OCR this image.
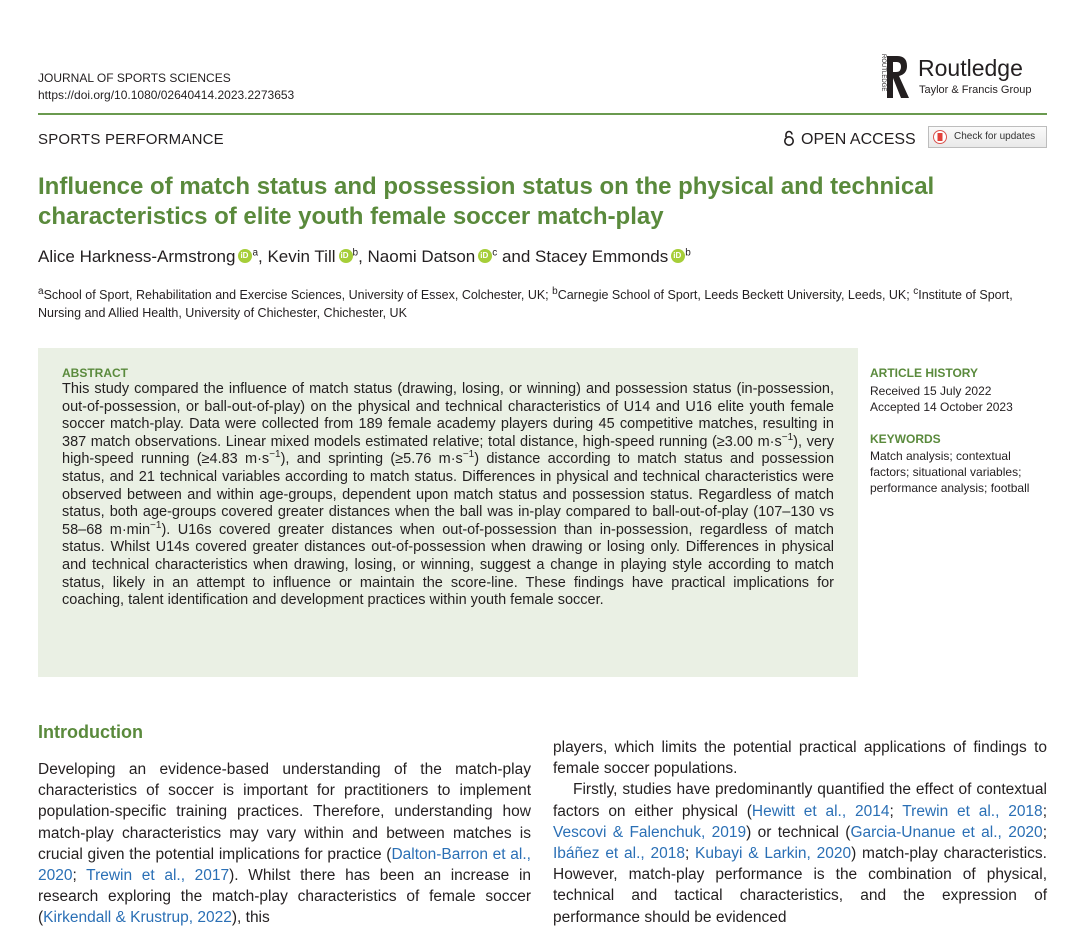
JOURNAL OF SPORTS SCIENCES
https://doi.org/10.1080/02640414.2023.2273653
ROUTLEDGE Routledge
Taylor & Francis Group
SPORTS PERFORMANCE	OPEN ACCESS	Check for updates
Influence of match status and possession status on the physical and technical characteristics of elite youth female soccer match-play
Alice Harkness-Armstrong iD $^a$, Kevin Till iD $^b$, Naomi Datson iD $^c$ and Stacey Emmonds iD $^b$
$^a$School of Sport, Rehabilitation and Exercise Sciences, University of Essex, Colchester, UK; $^b$Carnegie School of Sport, Leeds Beckett University, Leeds, UK; $^c$Institute of Sport, Nursing and Allied Health, University of Chichester, Chichester, UK
ABSTRACT
This study compared the influence of match status (drawing, losing, or winning) and possession status (in-possession, out-of-possession, or ball-out-of-play) on the physical and technical characteristics of U14 and U16 elite youth female soccer match-play. Data were collected from 189 female academy players during 45 competitive matches, resulting in 387 match observations. Linear mixed models estimated relative; total distance, high-speed running (≥3.00 $m\cdot s^{-1}$), very high-speed running (≥4.83 $m\cdot s^{-1}$), and sprinting (≥5.76 $m\cdot s^{-1}$) distance according to match status and possession status, and 21 technical variables according to match status. Differences in physical and technical characteristics were observed between and within age-groups, dependent upon match status and possession status. Regardless of match status, both age-groups covered greater distances when the ball was in-play compared to ball-out-of-play (107–130 vs 58–68 $m\cdot\min^{-1}$). U16s covered greater distances when out-of-possession than in-possession, regardless of match status. Whilst U14s covered greater distances out-of-possession when drawing or losing only. Differences in physical and technical characteristics when drawing, losing, or winning, suggest a change in playing style according to match status, likely in an attempt to influence or maintain the score-line. These findings have practical implications for coaching, talent identification and development practices within youth female soccer.
ARTICLE HISTORY
Received 15 July 2022
Accepted 14 October 2023
KEYWORDS
Match analysis; contextual factors; situational variables; performance analysis; football
Introduction
Developing an evidence-based understanding of the match-play characteristics of soccer is important for practitioners to implement population-specific training practices. Therefore, understanding how match-play characteristics may vary within and between matches is crucial given the potential implications for practice (Dalton-Barron et al., 2020; Trewin et al., 2017). Whilst there has been an increase in research exploring the match-play characteristics of female soccer (Kirkendall & Krustrup, 2022), this

players, which limits the potential practical applications of findings to female soccer populations.

Firstly, studies have predominantly quantified the effect of contextual factors on either physical (Hewitt et al., 2014; Trewin et al., 2018; Vescovi & Falenchuk, 2019) or technical (Garcia-Unanue et al., 2020; Ibáñez et al., 2018; Kubayi & Larkin, 2020) match-play characteristics. However, match-play performance is the combination of physical, technical and tactical characteristics, and the expression of performance should be evidenced
